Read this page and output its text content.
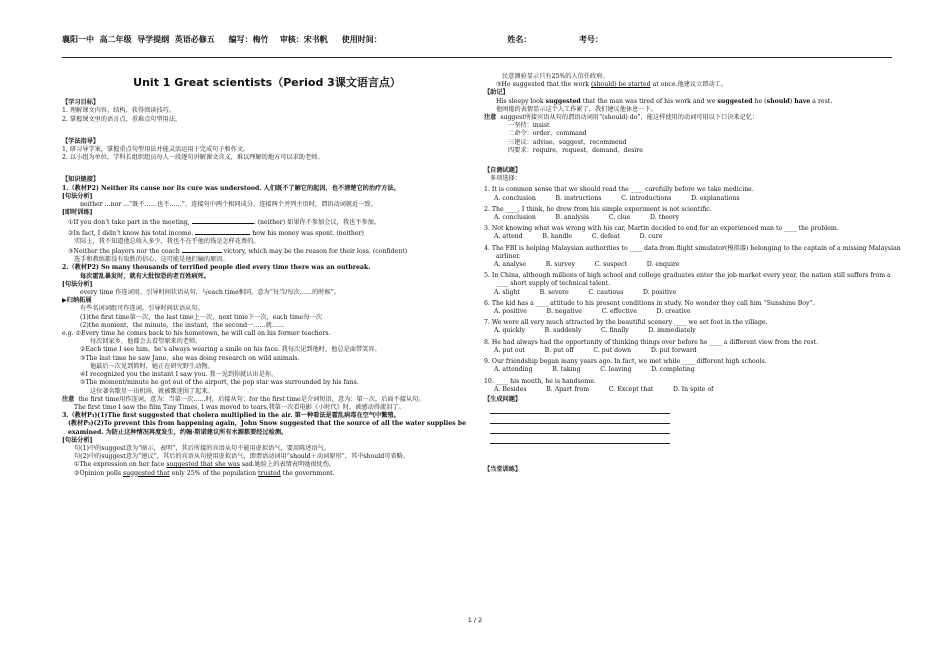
襄阳一中 高二年级 导学提纲 英语必修五 编写：梅竹 审核：宋书帆 使用时间：	姓名：	考号：
Unit 1 Great scientists（Period 3课文语言点）
【学习目标】
1. 理解课文内容、结构，获得阅读技巧。
2. 掌握课文里的语言点、重难点句型用法。
【学法指导】
1, 研习导学案，掌握重点句型用法并能灵活运用于完成句子和作文。
2. 以小组为单位，学科长组织组员每人一段逐句讲解课文含义，难以理解的地方可以求助老师。
【知识链接】
1.（教材P2) Neither its cause nor its cure was understood. 人们既不了解它的起因，也不清楚它的治疗方法。
[句法分析]
neither ...nor ...“既不……也不……”，连接句中两个相同成分。连接两个并列主语时，谓语动词就近一致。
[即时训练]
①If you don’t take part in the meeting,	. (neither) 如果你不参加会议，我也不参加。
②In fact, I didn’t know his total income.	how his money was spent. (neither)
实际上，我不知道他总收入多少，我也不在乎他的钱是怎样花费的。
③Neither the players nor the coach	victory, which may be the reason for their loss. (confident)
选手和教练都没有取胜的信心，这可能是他们输的原因。
2.（教材P2) So many thousands of terrified people died every time there was an outbreak.
每次霍乱暴发时，就有大批惊恐的老百姓病死。
[句法分析]
every time 作连词用，引导时间状语从句，与each time相同，意为“每当/每次……的时候”。
▶归纳拓展
有些名词词组可作连词，引导时间状语从句。
(1)the first time第一次，the last time上一次，next time下一次，each time每一次
(2)the moment，the minute，the instant，the second一……就……
e.g. ①Every time he comes back to his hometown, he will call on his former teachers.
每次回家乡，他都会去看望原来的老师。
②Each time I see him，he’s always wearing a smile on his face. 我每次见到他时，他总是面带笑容。
③The last time he saw Jane，she was doing research on wild animals.
他最后一次见到简时，她正在研究野生动物。
④I recognized you the instant I saw you. 我一见到你就认出是你。
⑤The moment/minute he got out of the airport, the pop star was surrounded by his fans.
这位著名歌星一出机场，就被歌迷围了起来。
注意 the first time用作连词，意为：当第一次……时，后接从句；for the first time是介词短语，意为：第一次，后面不接从句。
The first time I saw the film Tiny Times, I was moved to tears.我第一次看电影《小时代》时，被感动得流泪了。
3.（教材P₃)(1)The first suggested that cholera multiplied in the air. 第一种看法是霍乱病毒在空气中繁殖。
(教材P₃)(2)To prevent this from happening again，John Snow suggested that the source of all the water supplies be examined. 为防止这种情况再度发生，约翰·斯诺建议所有水源都要经过检测。
[句法分析]
句(1)中的suggest意为“暗示，表明”，其后所接的宾语从句不能用虚拟语气，要用陈述语气。
句(2)中的suggest意为“建议”，其后的宾语从句使用虚拟语气，即谓语动词用“should＋动词原形”，其中should可省略。
①The expression on her face suggested that she was sad.她脸上的表情表明她很忧伤。
②Opinion polls suggested that only 25% of the population trusted the government.
民意测验显示只有25%的人信任政府。
③He suggested that the work (should) be started at once.他建议立即动工。
【助记】
His sleepy look suggested that the man was tired of his work and we suggested he (should) have a rest.
他困倦的表情显示这个人工作累了，我们建议他休息一下。
注意 suggest所接宾语从句的谓语动词用“(should) do”，能这样使用的动词可用以下口诀来记忆：
一坚持：insist
二命令：order，command
三建议：advise，suggest，recommend
四要求：require，request，demand，desire
【自测试题】
多项选择：
1. It is common sense that we should read the ____ carefully before we take medicine.
A. conclusion          B. instructions          C. introductions          D. explanations
2. The ____, I think, he drew from his simple experiment is not scientific.
A. conclusion          B. analysis          C. clue          D. theory
3. Not knowing what was wrong with his car, Martin decided to end for an experienced man to ____ the problem.
A. attend          B. handle          C. defeat          D. cure
4. The FBI is helping Malaysian authorities to ____ data from flight simulator(模拟器) belonging to the captain of a missing Malaysian airliner.
A. analyse          B. survey          C. suspect          D. enquire
5. In China, although millions of high school and college graduates enter the job market every year, the nation still suffers from a ____ short supply of technical talent.
A. slight          B. severe          C. cautious          D. positive
6. The kid has a ____ attitude to his present conditions in study. No wonder they call him “Sunshine Boy”.
A. positive          B. negative          C. effective          D. creative
7. We were all very much attracted by the beautiful scenery ____ we set foot in the village.
A. quickly          B. suddenly          C. finally          D. immediately
8. He had always had the opportunity of thinking things over before he ____ a different view from the rest.
A. put out          B. put off          C. put down          D. put forward
9. Our friendship began many years ago. In fact, we met while ____ different high schools.
A. attending          B. taking          C. leaving          D. completing
10. ____ his mouth, he is handsome.
A. Besides          B. Apart from          C. Except that          D. In spite of
【生成问题】
【当堂训练】
1 / 2
